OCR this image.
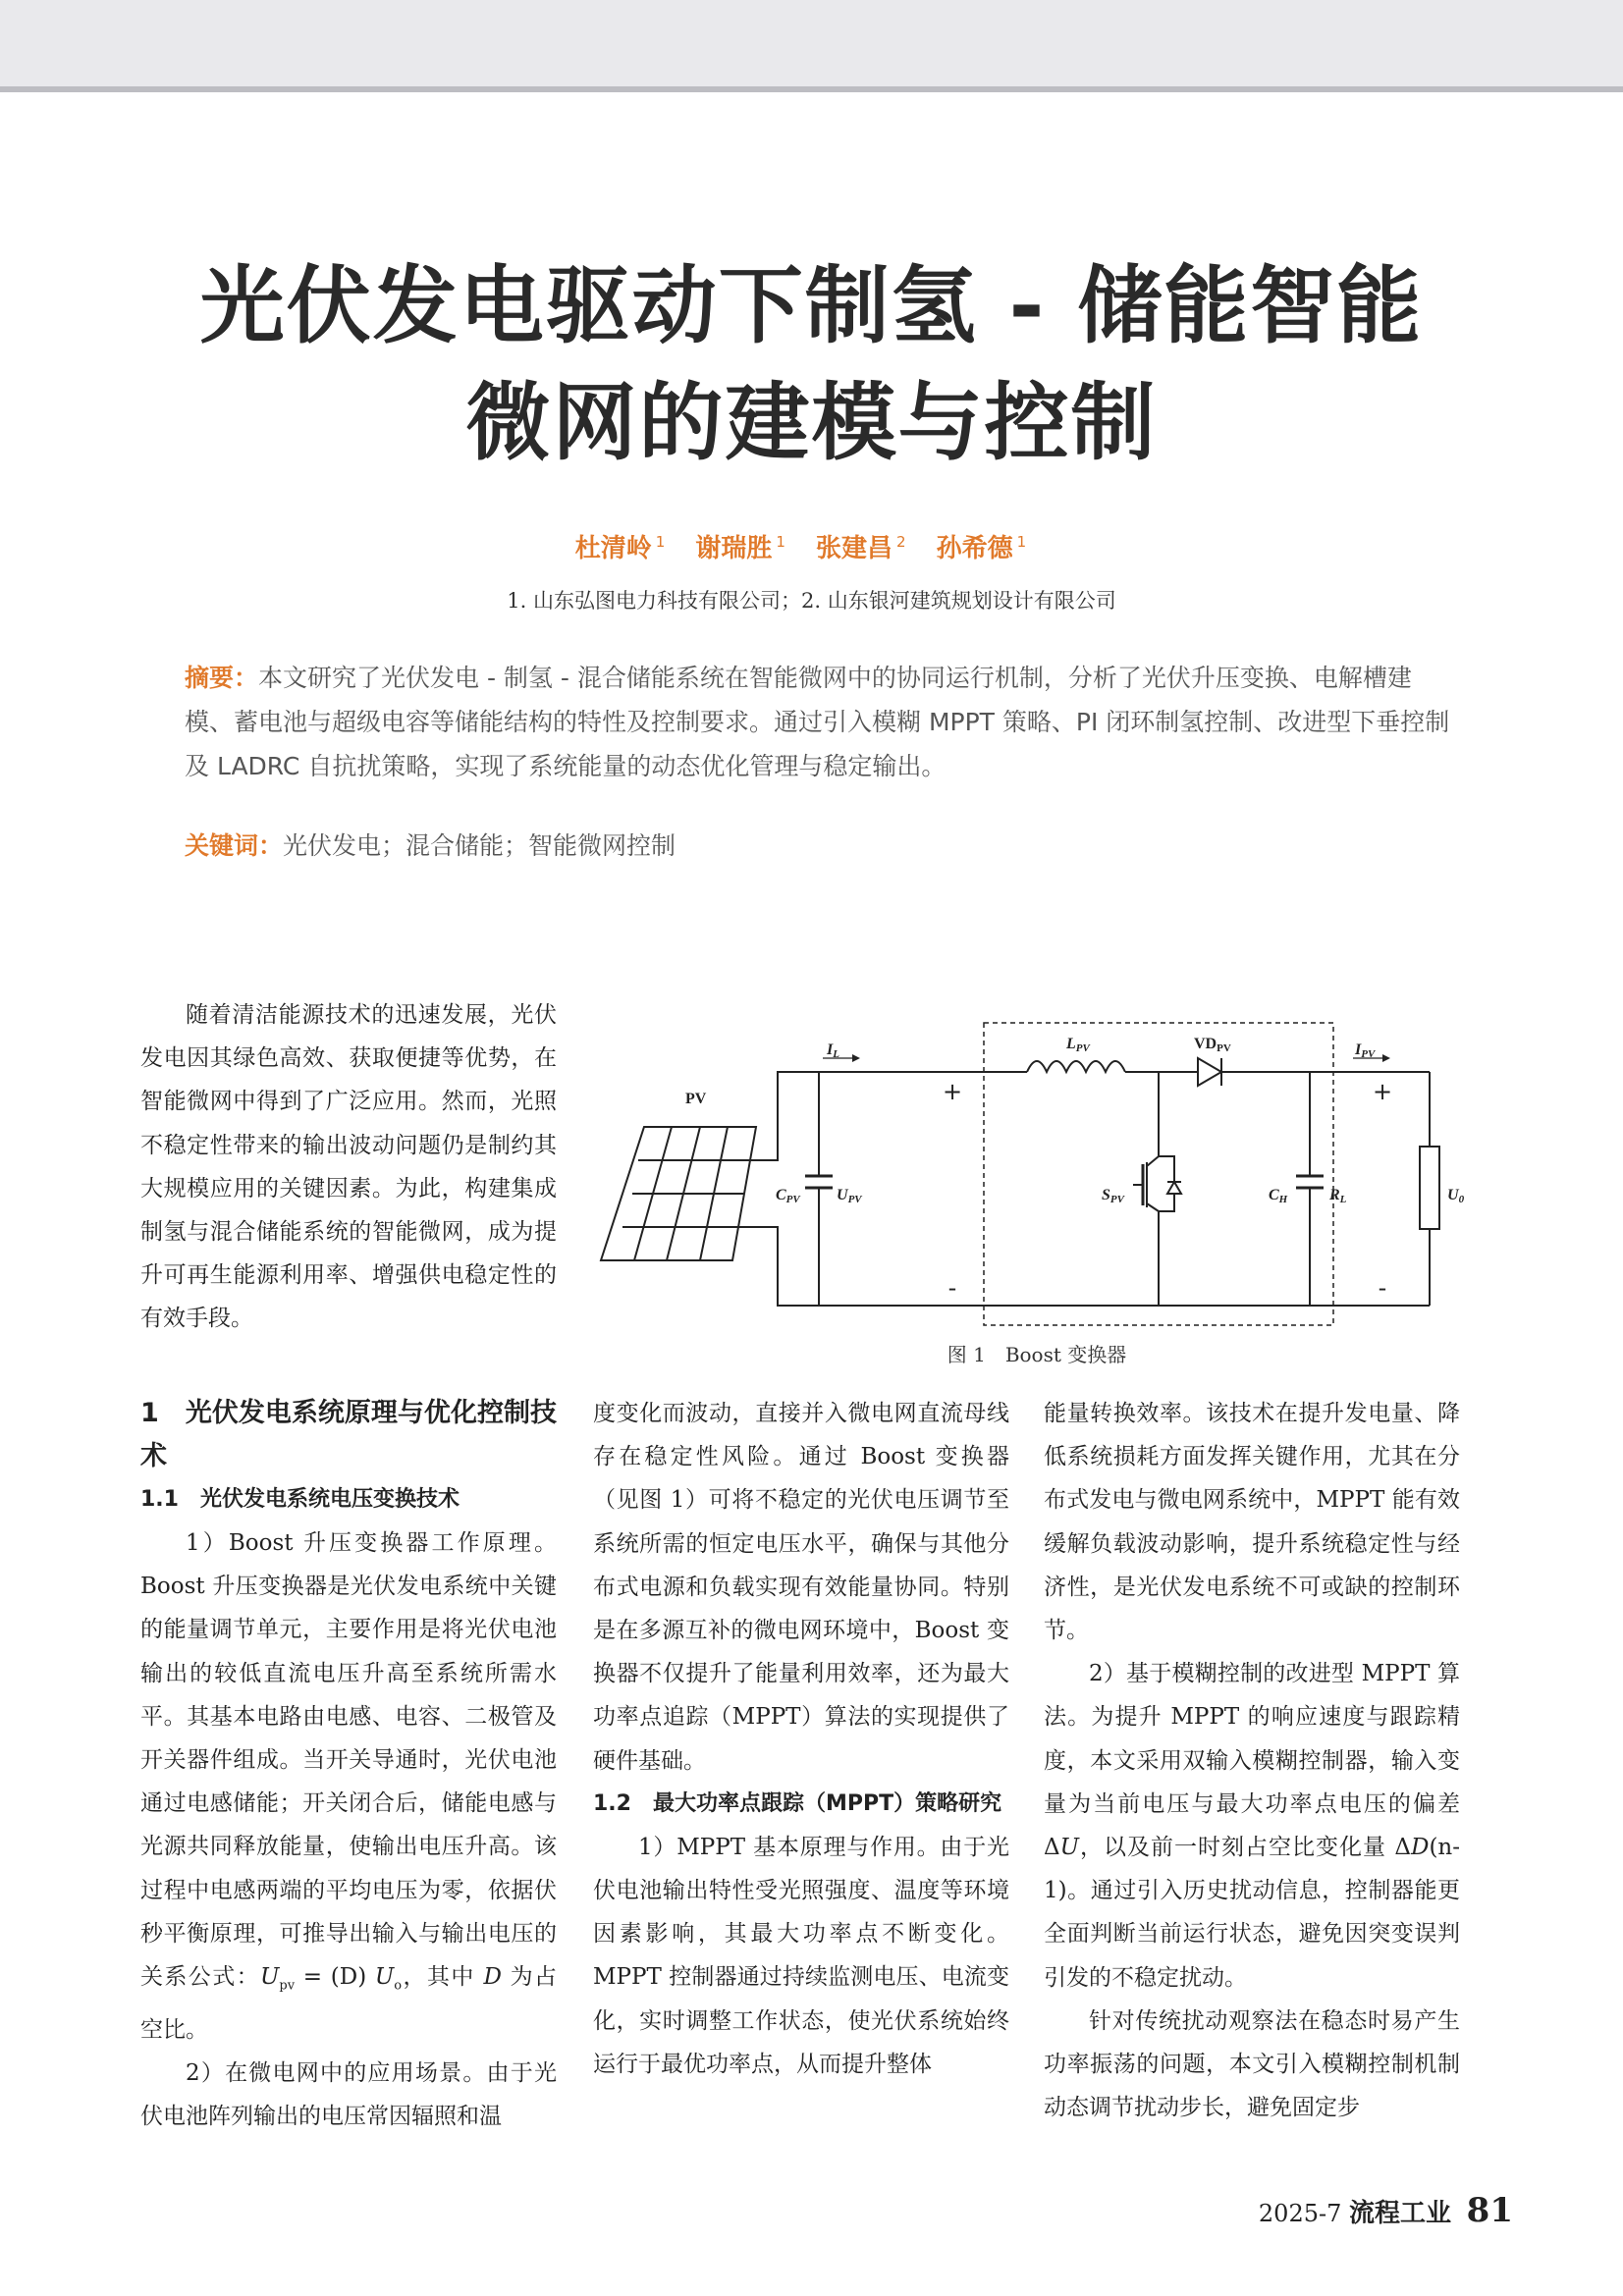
光伏发电驱动下制氢 - 储能智能
微网的建模与控制
杜清岭 $^1$ 谢瑞胜 $^1$ 张建昌 $^2$ 孙希德 $^1$
1. 山东弘图电力科技有限公司；2. 山东银河建筑规划设计有限公司
摘要：本文研究了光伏发电 - 制氢 - 混合储能系统在智能微网中的协同运行机制，分析了光伏升压变换、电解槽建模、蓄电池与超级电容等储能结构的特性及控制要求。通过引入模糊 MPPT 策略、PI 闭环制氢控制、改进型下垂控制及 LADRC 自抗扰策略，实现了系统能量的动态优化管理与稳定输出。
关键词：光伏发电；混合储能；智能微网控制

随着清洁能源技术的迅速发展，光伏发电因其绿色高效、获取便捷等优势，在智能微网中得到了广泛应用。然而，光照不稳定性带来的输出波动问题仍是制约其大规模应用的关键因素。为此，构建集成制氢与混合储能系统的智能微网，成为提升可再生能源利用率、增强供电稳定性的有效手段。

PV
IL
LPV	VDPV	IPV
CPV UPV	SPV	CH	RL	U0
+
-
+
-
图 1　Boost 变换器
1　光伏发电系统原理与优化控制技术
1.1　光伏发电系统电压变换技术

1）Boost 升压变换器工作原理。Boost 升压变换器是光伏发电系统中关键的能量调节单元，主要作用是将光伏电池输出的较低直流电压升高至系统所需水平。其基本电路由电感、电容、二极管及开关器件组成。当开关导通时，光伏电池通过电感储能；开关闭合后，储能电感与光源共同释放能量，使输出电压升高。该过程中电感两端的平均电压为零，依据伏秒平衡原理，可推导出输入与输出电压的关系公式：$U_{pv} = (D)$ $U_o$，其中 D 为占空比。

2）在微电网中的应用场景。由于光伏电池阵列输出的电压常因辐照和温

度变化而波动，直接并入微电网直流母线存在稳定性风险。通过 Boost 变换器（见图 1）可将不稳定的光伏电压调节至系统所需的恒定电压水平，确保与其他分布式电源和负载实现有效能量协同。特别是在多源互补的微电网环境中，Boost 变换器不仅提升了能量利用效率，还为最大功率点追踪（MPPT）算法的实现提供了硬件基础。

1.2　最大功率点跟踪（MPPT）策略研究

1）MPPT 基本原理与作用。由于光伏电池输出特性受光照强度、温度等环境因素影响，其最大功率点不断变化。MPPT 控制器通过持续监测电压、电流变化，实时调整工作状态，使光伏系统始终运行于最优功率点，从而提升整体

能量转换效率。该技术在提升发电量、降低系统损耗方面发挥关键作用，尤其在分布式发电与微电网系统中，MPPT 能有效缓解负载波动影响，提升系统稳定性与经济性，是光伏发电系统不可或缺的控制环节。

2）基于模糊控制的改进型 MPPT 算法。为提升 MPPT 的响应速度与跟踪精度，本文采用双输入模糊控制器，输入变量为当前电压与最大功率点电压的偏差 ΔU，以及前一时刻占空比变化量 ΔD(n-1)。通过引入历史扰动信息，控制器能更全面判断当前运行状态，避免因突变误判引发的不稳定扰动。

针对传统扰动观察法在稳态时易产生功率振荡的问题，本文引入模糊控制机制动态调节扰动步长，避免固定步

2025-7 流程工业 81
